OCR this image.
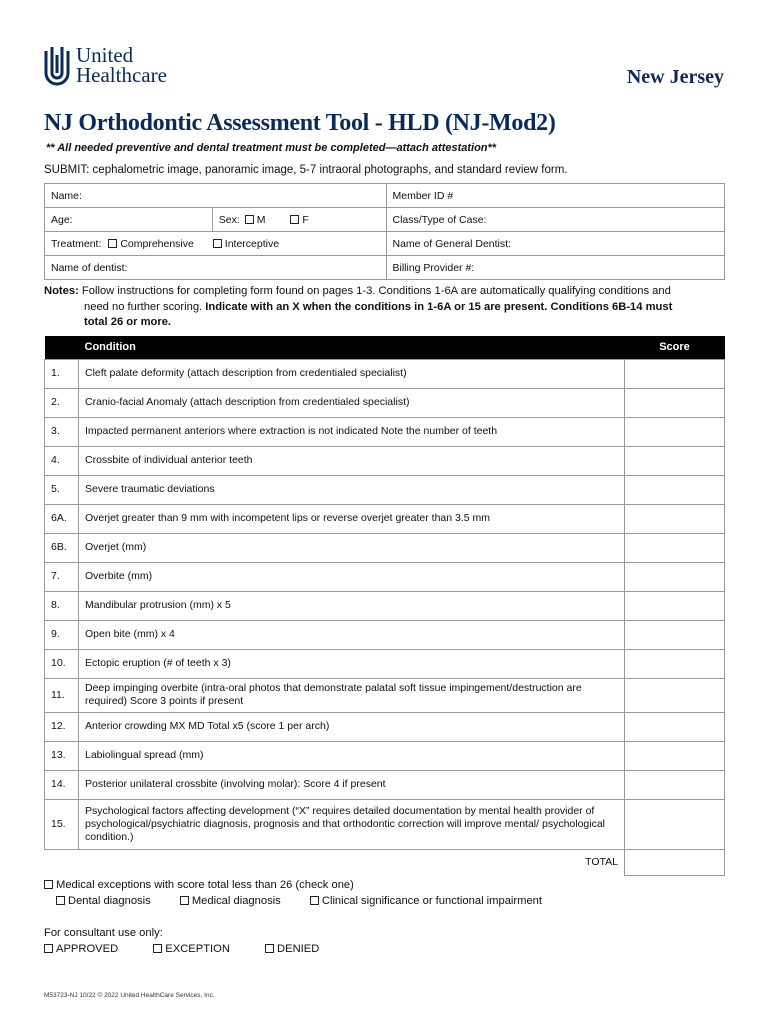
United
Healthcare	New Jersey
NJ Orthodontic Assessment Tool - HLD (NJ-Mod2)
** All needed preventive and dental treatment must be completed—attach attestation**
SUBMIT: cephalometric image, panoramic image, 5-7 intraoral photographs, and standard review form.
Name:		Member ID #
Age:	Sex: M F	Class/Type of Case:
Treatment: Comprehensive Interceptive		Name of General Dentist:
Name of dentist:		Billing Provider #:
Notes: Follow instructions for completing form found on pages 1-3. Conditions 1-6A are automatically qualifying conditions and
need no further scoring. Indicate with an X when the conditions in 1-6A or 15 are present. Conditions 6B-14 must
total 26 or more.
	Condition	Score
1.	Cleft palate deformity (attach description from credentialed specialist)	
2.	Cranio-facial Anomaly (attach description from credentialed specialist)	
3.	Impacted permanent anteriors where extraction is not indicated Note the number of teeth	
4.	Crossbite of individual anterior teeth	
5.	Severe traumatic deviations	
6A.	Overjet greater than 9 mm with incompetent lips or reverse overjet greater than 3.5 mm	
6B.	Overjet (mm)	
7.	Overbite (mm)	
8.	Mandibular protrusion (mm) x 5	
9.	Open bite (mm) x 4	
10.	Ectopic eruption (# of teeth x 3)	
11.	Deep impinging overbite (intra-oral photos that demonstrate palatal soft tissue impingement/destruction are required) Score 3 points if present	
12.	Anterior crowding MX MD Total x5 (score 1 per arch)	
13.	Labiolingual spread (mm)	
14.	Posterior unilateral crossbite (involving molar): Score 4 if present	
15.	Psychological factors affecting development (“X” requires detailed documentation by mental health provider of psychological/psychiatric diagnosis, prognosis and that orthodontic correction will improve mental/ psychological condition.)	
TOTAL		
Medical exceptions with score total less than 26 (check one)
Dental diagnosis	Medical diagnosis	Clinical significance or functional impairment
For consultant use only:
APPROVED	EXCEPTION	DENIED
M53723-NJ 10/22 © 2022 United HealthCare Services, Inc.
